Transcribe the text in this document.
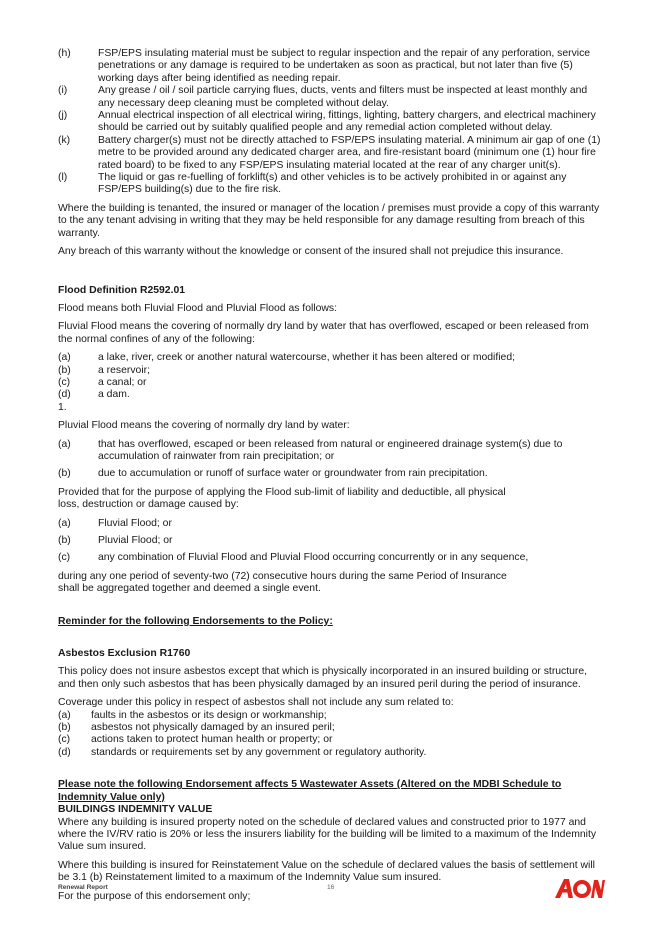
(h)	FSP/EPS insulating material must be subject to regular inspection and the repair of any perforation, service penetrations or any damage is required to be undertaken as soon as practical, but not later than five (5) working days after being identified as needing repair.
(i)	Any grease / oil / soil particle carrying flues, ducts, vents and filters must be inspected at least monthly and any necessary deep cleaning must be completed without delay.
(j)	Annual electrical inspection of all electrical wiring, fittings, lighting, battery chargers, and electrical machinery should be carried out by suitably qualified people and any remedial action completed without delay.
(k)	Battery charger(s) must not be directly attached to FSP/EPS insulating material. A minimum air gap of one (1) metre to be provided around any dedicated charger area, and fire-resistant board (minimum one (1) hour fire rated board) to be fixed to any FSP/EPS insulating material located at the rear of any charger unit(s).
(l)	The liquid or gas re-fuelling of forklift(s) and other vehicles is to be actively prohibited in or against any FSP/EPS building(s) due to the fire risk.

Where the building is tenanted, the insured or manager of the location / premises must provide a copy of this warranty to the any tenant advising in writing that they may be held responsible for any damage resulting from breach of this warranty.

Any breach of this warranty without the knowledge or consent of the insured shall not prejudice this insurance.

Flood Definition R2592.01

Flood means both Fluvial Flood and Pluvial Flood as follows:

Fluvial Flood means the covering of normally dry land by water that has overflowed, escaped or been released from the normal confines of any of the following:

(a)	a lake, river, creek or another natural watercourse, whether it has been altered or modified;
(b)	a reservoir;
(c)	a canal; or
(d)	a dam.

1.

Pluvial Flood means the covering of normally dry land by water:

(a)	that has overflowed, escaped or been released from natural or engineered drainage system(s) due to accumulation of rainwater from rain precipitation; or
(b)	due to accumulation or runoff of surface water or groundwater from rain precipitation.

Provided that for the purpose of applying the Flood sub-limit of liability and deductible, all physical

loss, destruction or damage caused by:

(a)	Fluvial Flood; or
(b)	Pluvial Flood; or
(c)	any combination of Fluvial Flood and Pluvial Flood occurring concurrently or in any sequence,

during any one period of seventy-two (72) consecutive hours during the same Period of Insurance

shall be aggregated together and deemed a single event.

Reminder for the following Endorsements to the Policy:

Asbestos Exclusion R1760

This policy does not insure asbestos except that which is physically incorporated in an insured building or structure, and then only such asbestos that has been physically damaged by an insured peril during the period of insurance.

Coverage under this policy in respect of asbestos shall not include any sum related to:

(a)	faults in the asbestos or its design or workmanship;
(b)	asbestos not physically damaged by an insured peril;
(c)	actions taken to protect human health or property; or
(d)	standards or requirements set by any government or regulatory authority.

Please note the following Endorsement affects 5 Wastewater Assets (Altered on the MDBI Schedule to Indemnity Value only)

BUILDINGS INDEMNITY VALUE

Where any building is insured property noted on the schedule of declared values and constructed prior to 1977 and where the IV/RV ratio is 20% or less the insurers liability for the building will be limited to a maximum of the Indemnity Value sum insured.

Where this building is insured for Reinstatement Value on the schedule of declared values the basis of settlement will be 3.1 (b) Reinstatement limited to a maximum of the Indemnity Value sum insured.

For the purpose of this endorsement only;

Renewal Report	16
